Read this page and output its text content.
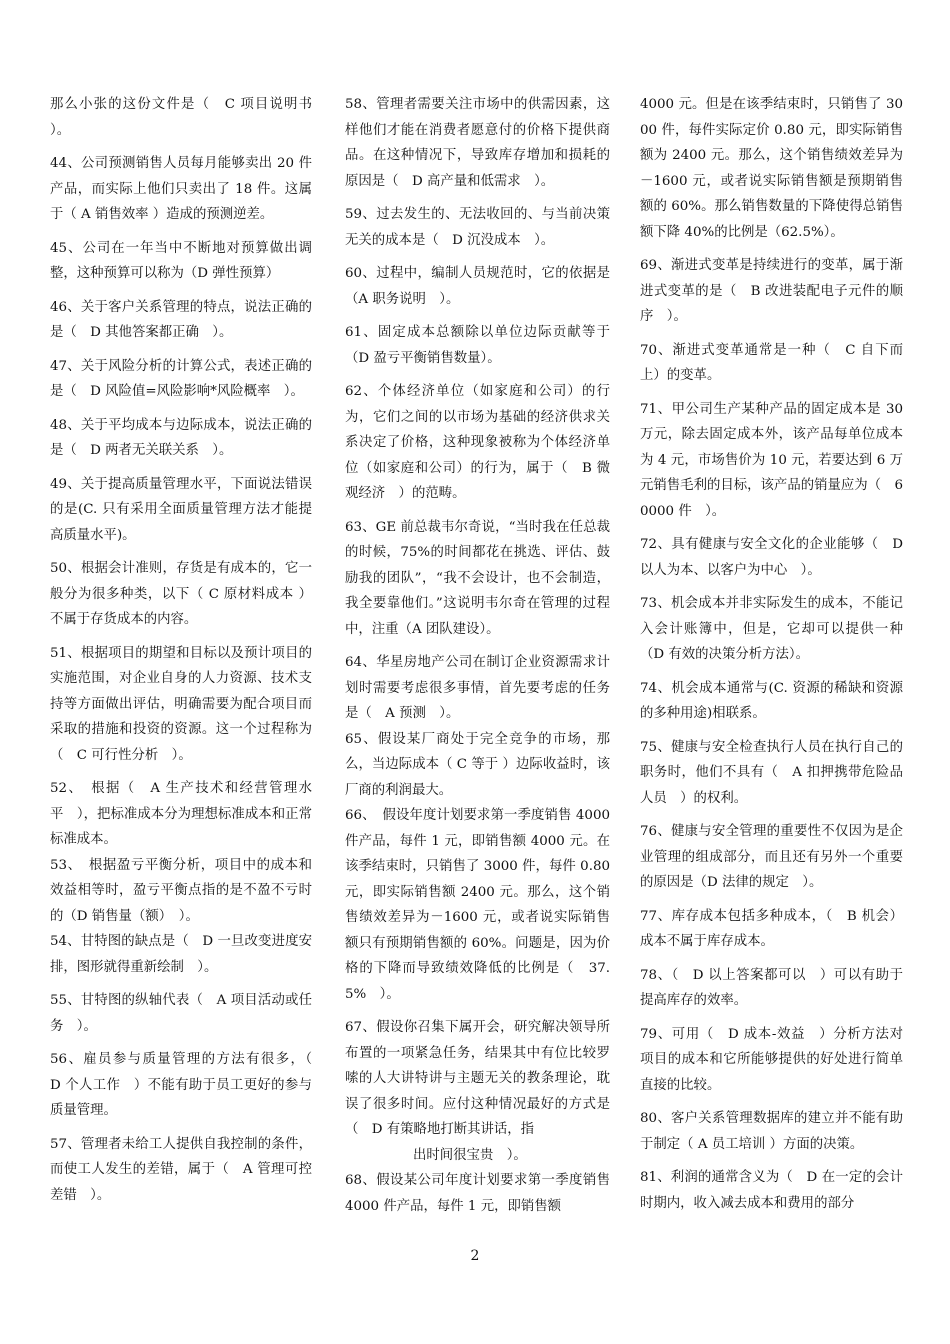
那么小张的这份文件是（　C 项目说明书 ）。

44、公司预测销售人员每月能够卖出 20 件产品，而实际上他们只卖出了 18 件。这属于（ A 销售效率 ）造成的预测逆差。

45、公司在一年当中不断地对预算做出调整，这种预算可以称为（D 弹性预算）

46、关于客户关系管理的特点，说法正确的是（　D 其他答案都正确　）。

47、关于风险分析的计算公式，表述正确的是（　D 风险值=风险影响*风险概率　）。

48、关于平均成本与边际成本，说法正确的是（　D 两者无关联关系　）。

49、关于提高质量管理水平，下面说法错误的是(C. 只有采用全面质量管理方法才能提高质量水平)。

50、根据会计准则，存货是有成本的，它一般分为很多种类，以下（ C 原材料成本 ）不属于存货成本的内容。

51、根据项目的期望和目标以及预计项目的实施范围，对企业自身的人力资源、技术支持等方面做出评估，明确需要为配合项目而采取的措施和投资的资源。这一个过程称为（　C 可行性分析　）。

52、　根据（　A 生产技术和经营管理水平　），把标准成本分为理想标准成本和正常标准成本。

53、　根据盈亏平衡分析，项目中的成本和效益相等时，盈亏平衡点指的是不盈不亏时的（D 销售量（额）　）。

54、甘特图的缺点是（　D 一旦改变进度安排，图形就得重新绘制　）。

55、甘特图的纵轴代表（　A 项目活动或任务　）。

56、雇员参与质量管理的方法有很多，（　D 个人工作　）不能有助于员工更好的参与质量管理。

57、管理者未给工人提供自我控制的条件，而使工人发生的差错，属于（　A 管理可控差错　）。

58、管理者需要关注市场中的供需因素，这样他们才能在消费者愿意付的价格下提供商品。在这种情况下，导致库存增加和损耗的原因是（　D 高产量和低需求　）。

59、过去发生的、无法收回的、与当前决策无关的成本是（　D 沉没成本　）。

60、过程中，编制人员规范时，它的依据是（A 职务说明　）。

61、固定成本总额除以单位边际贡献等于（D 盈亏平衡销售数量）。

62、个体经济单位（如家庭和公司）的行为，它们之间的以市场为基础的经济供求关系决定了价格，这种现象被称为个体经济单位（如家庭和公司）的行为，属于（　B 微观经济　）的范畴。

63、GE 前总裁韦尔奇说，“当时我在任总裁的时候，75%的时间都花在挑选、评估、鼓励我的团队”，“我不会设计，也不会制造，我全要靠他们。”这说明韦尔奇在管理的过程中，注重（A 团队建设）。

64、华星房地产公司在制订企业资源需求计划时需要考虑很多事情，首先要考虑的任务是（　A 预测　）。

65、假设某厂商处于完全竞争的市场，那么，当边际成本（ C 等于 ）边际收益时，该厂商的利润最大。

66、　假设年度计划要求第一季度销售 4000 件产品，每件 1 元，即销售额 4000 元。在该季结束时，只销售了 3000 件，每件 0.80 元，即实际销售额 2400 元。那么，这个销售绩效差异为－1600 元，或者说实际销售额只有预期销售额的 60%。问题是，因为价格的下降而导致绩效降低的比例是（　37.5%　）。

67、假设你召集下属开会，研究解决领导所布置的一项紧急任务，结果其中有位比较罗嗦的人大讲特讲与主题无关的教条理论，耽误了很多时间。应付这种情况最好的方式是（　D 有策略地打断其讲话，指
出时间很宝贵　）。

68、假设某公司年度计划要求第一季度销售 4000 件产品，每件 1 元，即销售额

4000 元。但是在该季结束时，只销售了 3000 件，每件实际定价 0.80 元，即实际销售额为 2400 元。那么，这个销售绩效差异为－1600 元，或者说实际销售额是预期销售额的 60%。那么销售数量的下降使得总销售额下降 40%的比例是（62.5%）。

69、渐进式变革是持续进行的变革，属于渐进式变革的是（　B 改进装配电子元件的顺序　）。

70、渐进式变革通常是一种（　C 自下而上）的变革。

71、甲公司生产某种产品的固定成本是 30 万元，除去固定成本外，该产品每单位成本为 4 元，市场售价为 10 元，若要达到 6 万元销售毛利的目标，该产品的销量应为（　60000 件　）。

72、具有健康与安全文化的企业能够（　D 以人为本、以客户为中心　）。

73、机会成本并非实际发生的成本，不能记入会计账簿中，但是，它却可以提供一种（D 有效的决策分析方法）。

74、机会成本通常与(C. 资源的稀缺和资源的多种用途)相联系。

75、健康与安全检查执行人员在执行自己的职务时，他们不具有（　A 扣押携带危险品人员　）的权利。

76、健康与安全管理的重要性不仅因为是企业管理的组成部分，而且还有另外一个重要的原因是（D 法律的规定　）。

77、库存成本包括多种成本，（　B 机会）成本不属于库存成本。

78、（　D 以上答案都可以　）可以有助于提高库存的效率。

79、可用（　D 成本-效益　）分析方法对项目的成本和它所能够提供的好处进行简单直接的比较。

80、客户关系管理数据库的建立并不能有助于制定（ A 员工培训 ）方面的决策。

81、利润的通常含义为（　D 在一定的会计时期内，收入减去成本和费用的部分

2
